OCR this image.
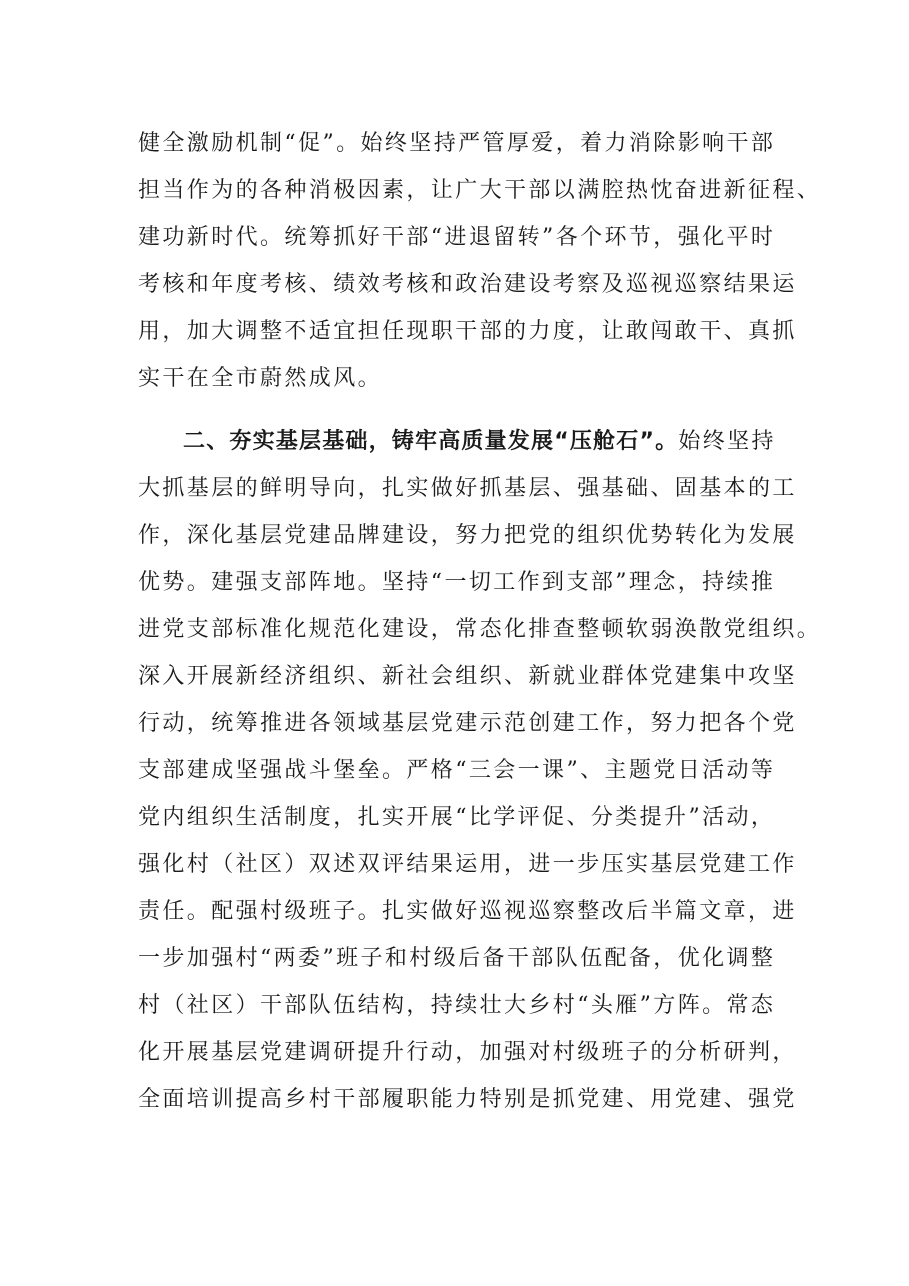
健全激励机制“促”。始终坚持严管厚爱，着力消除影响干部
担当作为的各种消极因素，让广大干部以满腔热忱奋进新征程、
建功新时代。统筹抓好干部“进退留转”各个环节，强化平时
考核和年度考核、绩效考核和政治建设考察及巡视巡察结果运
用，加大调整不适宜担任现职干部的力度，让敢闯敢干、真抓
实干在全市蔚然成风。
二、夯实基层基础，铸牢高质量发展“压舱石”。始终坚持
大抓基层的鲜明导向，扎实做好抓基层、强基础、固基本的工
作，深化基层党建品牌建设，努力把党的组织优势转化为发展
优势。建强支部阵地。坚持“一切工作到支部”理念，持续推
进党支部标准化规范化建设，常态化排查整顿软弱涣散党组织。
深入开展新经济组织、新社会组织、新就业群体党建集中攻坚
行动，统筹推进各领域基层党建示范创建工作，努力把各个党
支部建成坚强战斗堡垒。严格“三会一课”、主题党日活动等
党内组织生活制度，扎实开展“比学评促、分类提升”活动，
强化村（社区）双述双评结果运用，进一步压实基层党建工作
责任。配强村级班子。扎实做好巡视巡察整改后半篇文章，进
一步加强村“两委”班子和村级后备干部队伍配备，优化调整
村（社区）干部队伍结构，持续壮大乡村“头雁”方阵。常态
化开展基层党建调研提升行动，加强对村级班子的分析研判，
全面培训提高乡村干部履职能力特别是抓党建、用党建、强党
